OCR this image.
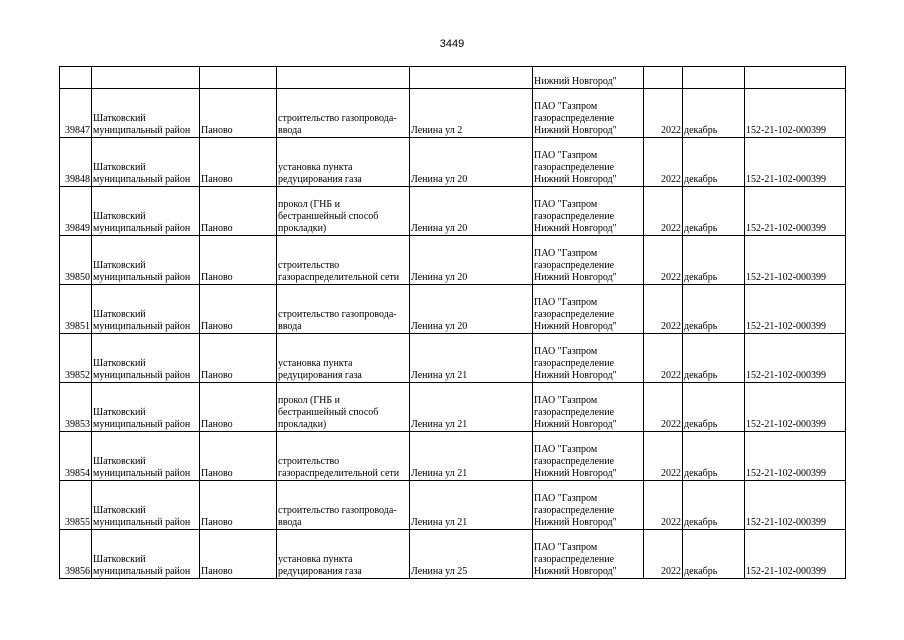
3449
					Нижний Новгород"			
39847	Шатковский
муниципальный район	Паново	строительство газопровода-
ввода	Ленина ул 2	ПАО "Газпром
газораспределение
Нижний Новгород"	2022	декабрь	152-21-102-000399
39848	Шатковский
муниципальный район	Паново	установка пункта
редуцирования газа	Ленина ул 20	ПАО "Газпром
газораспределение
Нижний Новгород"	2022	декабрь	152-21-102-000399
39849	Шатковский
муниципальный район	Паново	прокол (ГНБ и
бестраншейный способ
прокладки)	Ленина ул 20	ПАО "Газпром
газораспределение
Нижний Новгород"	2022	декабрь	152-21-102-000399
39850	Шатковский
муниципальный район	Паново	строительство
газораспределительной сети	Ленина ул 20	ПАО "Газпром
газораспределение
Нижний Новгород"	2022	декабрь	152-21-102-000399
39851	Шатковский
муниципальный район	Паново	строительство газопровода-
ввода	Ленина ул 20	ПАО "Газпром
газораспределение
Нижний Новгород"	2022	декабрь	152-21-102-000399
39852	Шатковский
муниципальный район	Паново	установка пункта
редуцирования газа	Ленина ул 21	ПАО "Газпром
газораспределение
Нижний Новгород"	2022	декабрь	152-21-102-000399
39853	Шатковский
муниципальный район	Паново	прокол (ГНБ и
бестраншейный способ
прокладки)	Ленина ул 21	ПАО "Газпром
газораспределение
Нижний Новгород"	2022	декабрь	152-21-102-000399
39854	Шатковский
муниципальный район	Паново	строительство
газораспределительной сети	Ленина ул 21	ПАО "Газпром
газораспределение
Нижний Новгород"	2022	декабрь	152-21-102-000399
39855	Шатковский
муниципальный район	Паново	строительство газопровода-
ввода	Ленина ул 21	ПАО "Газпром
газораспределение
Нижний Новгород"	2022	декабрь	152-21-102-000399
39856	Шатковский
муниципальный район	Паново	установка пункта
редуцирования газа	Ленина ул 25	ПАО "Газпром
газораспределение
Нижний Новгород"	2022	декабрь	152-21-102-000399
